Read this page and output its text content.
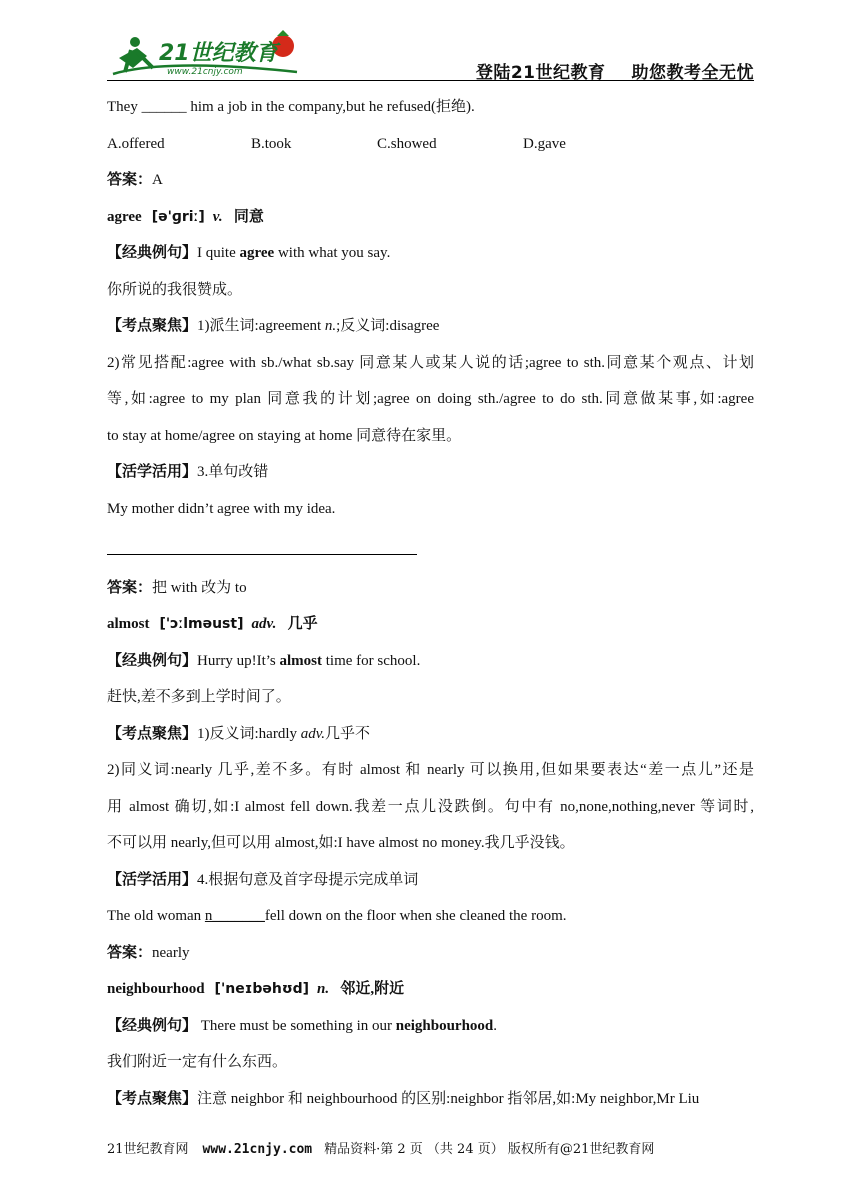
21世纪教育
www.21cnjy.com	登陆21世纪教育 助您教考全无忧
They ______ him a job in the company,but he refused(拒绝).
A.offered	B.took	C.showed	D.gave
答案：A
agree [ə'ɡriː] v. 同意
【经典例句】I quite agree with what you say.
你所说的我很赞成。
【考点聚焦】1)派生词:agreement n.;反义词:disagree
2)常见搭配:agree with sb./what sb.say 同意某人或某人说的话;agree to sth.同意某个观点、计划
等,如:agree to my plan 同意我的计划;agree on doing sth./agree to do sth.同意做某事,如:agree
to stay at home/agree on staying at home 同意待在家里。
【活学活用】3.单句改错
My mother didn’t agree with my idea.
答案：把 with 改为 to
almost ['ɔːlməust] adv. 几乎
【经典例句】Hurry up!It’s almost time for school.
赶快,差不多到上学时间了。
【考点聚焦】1)反义词:hardly adv.几乎不
2)同义词:nearly 几乎,差不多。有时 almost 和 nearly 可以换用,但如果要表达“差一点儿”还是
用 almost 确切,如:I almost fell down.我差一点儿没跌倒。句中有 no,none,nothing,never 等词时,
不可以用 nearly,但可以用 almost,如:I have almost no money.我几乎没钱。
【活学活用】4.根据句意及首字母提示完成单词
The old woman n_______fell down on the floor when she cleaned the room.
答案：nearly
neighbourhood ['neɪbəhʊd] n. 邻近,附近
【经典例句】 There must be something in our neighbourhood.
我们附近一定有什么东西。
【考点聚焦】注意 neighbor 和 neighbourhood 的区别:neighbor 指邻居,如:My neighbor,Mr Liu
21世纪教育网 www.21cnjy.com 精品资料·第 2 页 （共 24 页） 版权所有@21世纪教育网
